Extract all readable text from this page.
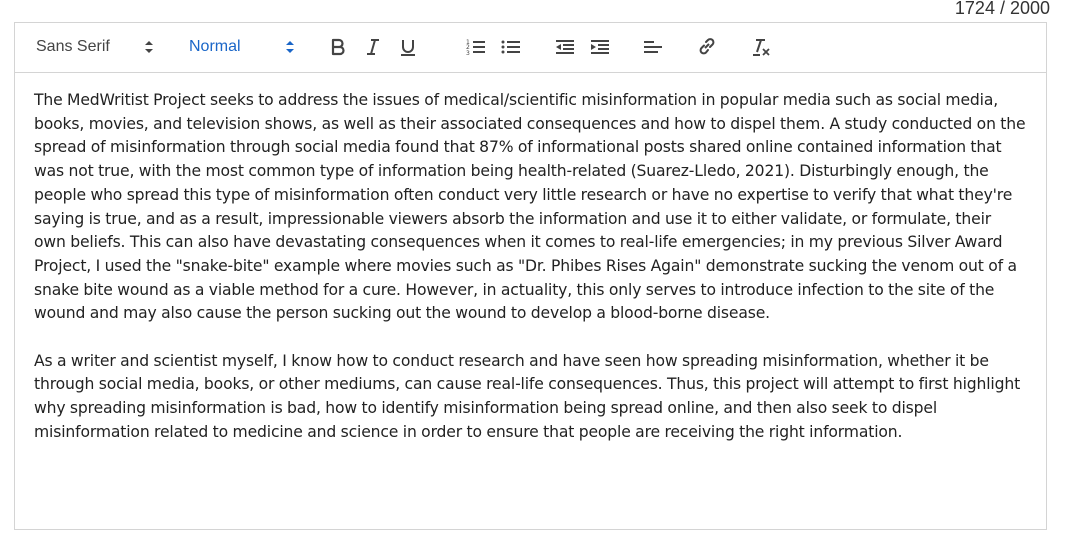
1724 / 2000
Sans Serif	Normal	1
2
3

The MedWritist Project seeks to address the issues of medical/scientific misinformation in popular media such as social media, books, movies, and television shows, as well as their associated consequences and how to dispel them. A study conducted on the spread of misinformation through social media found that 87% of informational posts shared online contained information that was not true, with the most common type of information being health-related (Suarez-Lledo, 2021). Disturbingly enough, the people who spread this type of misinformation often conduct very little research or have no expertise to verify that what they're saying is true, and as a result, impressionable viewers absorb the information and use it to either validate, or formulate, their own beliefs. This can also have devastating consequences when it comes to real-life emergencies; in my previous Silver Award Project, I used the "snake-bite" example where movies such as "Dr. Phibes Rises Again" demonstrate sucking the venom out of a snake bite wound as a viable method for a cure. However, in actuality, this only serves to introduce infection to the site of the wound and may also cause the person sucking out the wound to develop a blood-borne disease.

As a writer and scientist myself, I know how to conduct research and have seen how spreading misinformation, whether it be through social media, books, or other mediums, can cause real-life consequences. Thus, this project will attempt to first highlight why spreading misinformation is bad, how to identify misinformation being spread online, and then also seek to dispel misinformation related to medicine and science in order to ensure that people are receiving the right information.
